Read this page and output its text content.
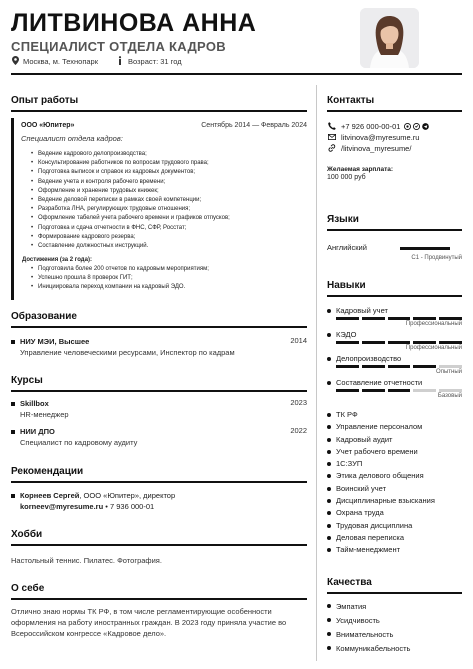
ЛИТВИНОВА АННА
СПЕЦИАЛИСТ ОТДЕЛА КАДРОВ
Москва, м. Технопарк	Возраст: 31 год
Опыт работы
ООО «Юпитер»	Сентябрь 2014 — Февраль 2024
Специалист отдела кадров:
• Ведение кадрового делопроизводства;
• Консультирование работников по вопросам трудового права;
• Подготовка выписок и справок из кадровых документов;
• Ведение учета и контроля рабочего времени;
• Оформление и хранение трудовых книжек;
• Ведение деловой переписки в рамках своей компетенции;
• Разработка ЛНА, регулирующих трудовые отношения;
• Оформление табелей учета рабочего времени и графиков отпусков;
• Подготовка и сдача отчетности в ФНС, СФР, Росстат;
• Формирование кадрового резерва;
• Составление должностных инструкций.
Достижения (за 2 года):
• Подготовила более 200 отчетов по кадровым мероприятиям;
• Успешно прошла 8 проверок ГИТ;
• Инициировала переход компании на кадровый ЭДО.
Образование
НИУ МЭИ, Высшее	2014
Управление человеческими ресурсами, Инспектор по кадрам
Курсы
Skillbox	2023
HR-менеджер
НИИ ДПО	2022
Специалист по кадровому аудиту
Рекомендации
Корнеев Сергей, ООО «Юпитер», директор
korneev@myresume.ru • 7 936 000-01
Хобби
Настольный теннис. Пилатес. Фотография.
О себе
Отлично знаю нормы ТК РФ, в том числе регламентирующие особенности оформления на работу иностранных граждан. В 2023 году приняла участие во Всероссийском конгрессе «Кадровое дело».
Контакты
+7 926 000-00-01
litvinova@myresume.ru
/litvinova_myresume/
Желаемая зарплата:
100 000 руб
Языки
Английский
C1 - Продвинутый
Навыки
Кадровый учет
Профессиональный
КЭДО
Профессиональный
Делопроизводство
Опытный
Составление отчетности
Базовый
ТК РФ
Управление персоналом
Кадровый аудит
Учет рабочего времени
1С:ЗУП
Этика делового общения
Воинский учет
Дисциплинарные взыскания
Охрана труда
Трудовая дисциплина
Деловая переписка
Тайм-менеджмент
Качества
Эмпатия
Усидчивость
Внимательность
Коммуникабельность
